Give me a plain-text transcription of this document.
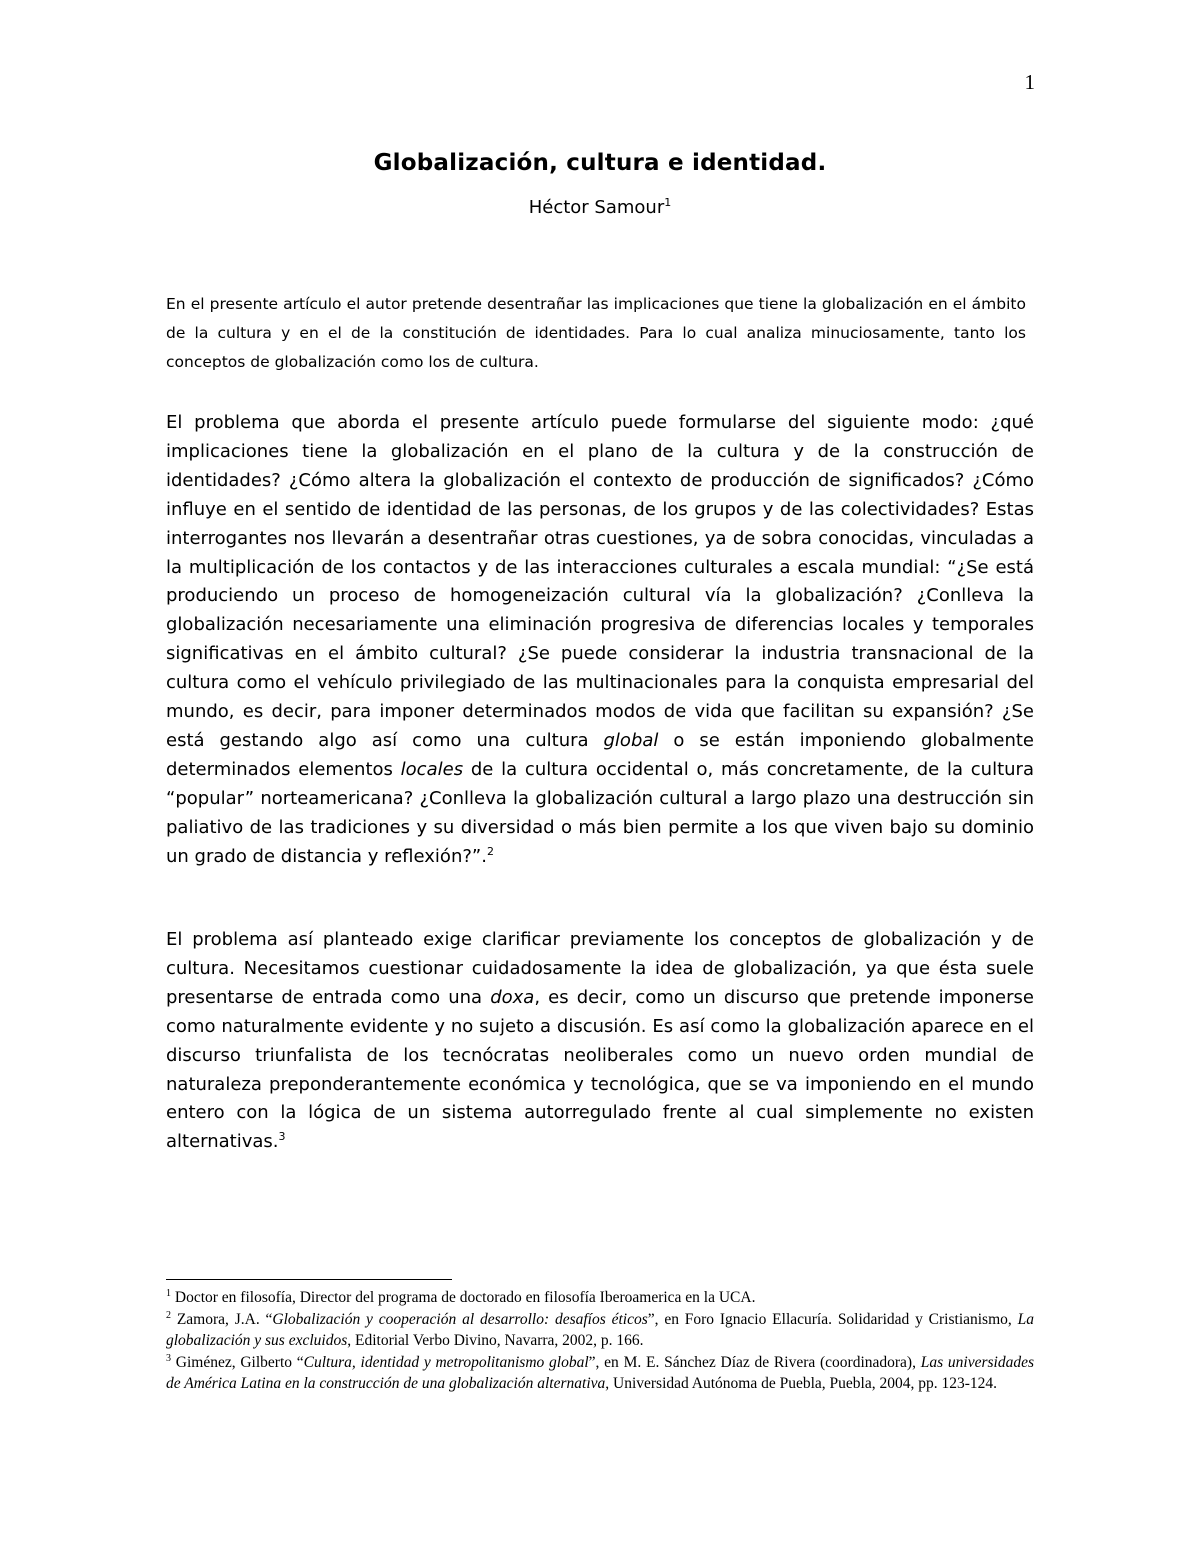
1
Globalización, cultura e identidad.
Héctor Samour$^1$
En el presente artículo el autor pretende desentrañar las implicaciones que tiene la globalización en el ámbito de la cultura y en el de la constitución de identidades. Para lo cual analiza minuciosamente, tanto los conceptos de globalización como los de cultura.
El problema que aborda el presente artículo puede formularse del siguiente modo: ¿qué implicaciones tiene la globalización en el plano de la cultura y de la construcción de identidades? ¿Cómo altera la globalización el contexto de producción de significados? ¿Cómo influye en el sentido de identidad de las personas, de los grupos y de las colectividades? Estas interrogantes nos llevarán a desentrañar otras cuestiones, ya de sobra conocidas, vinculadas a la multiplicación de los contactos y de las interacciones culturales a escala mundial: “¿Se está produciendo un proceso de homogeneización cultural vía la globalización? ¿Conlleva la globalización necesariamente una eliminación progresiva de diferencias locales y temporales significativas en el ámbito cultural? ¿Se puede considerar la industria transnacional de la cultura como el vehículo privilegiado de las multinacionales para la conquista empresarial del mundo, es decir, para imponer determinados modos de vida que facilitan su expansión? ¿Se está gestando algo así como una cultura global o se están imponiendo globalmente determinados elementos locales de la cultura occidental o, más concretamente, de la cultura “popular” norteamericana? ¿Conlleva la globalización cultural a largo plazo una destrucción sin paliativo de las tradiciones y su diversidad o más bien permite a los que viven bajo su dominio un grado de distancia y reflexión?”.$^2$
El problema así planteado exige clarificar previamente los conceptos de globalización y de cultura. Necesitamos cuestionar cuidadosamente la idea de globalización, ya que ésta suele presentarse de entrada como una doxa, es decir, como un discurso que pretende imponerse como naturalmente evidente y no sujeto a discusión. Es así como la globalización aparece en el discurso triunfalista de los tecnócratas neoliberales como un nuevo orden mundial de naturaleza preponderantemente económica y tecnológica, que se va imponiendo en el mundo entero con la lógica de un sistema autorregulado frente al cual simplemente no existen alternativas.$^3$

$^1$ Doctor en filosofía, Director del programa de doctorado en filosofía Iberoamerica en la UCA.

$^2$ Zamora, J.A. “Globalización y cooperación al desarrollo: desafíos éticos”, en Foro Ignacio Ellacuría. Solidaridad y Cristianismo, La globalización y sus excluidos, Editorial Verbo Divino, Navarra, 2002, p. 166.

$^3$ Giménez, Gilberto “Cultura, identidad y metropolitanismo global”, en M. E. Sánchez Díaz de Rivera (coordinadora), Las universidades de América Latina en la construcción de una globalización alternativa, Universidad Autónoma de Puebla, Puebla, 2004, pp. 123-124.
